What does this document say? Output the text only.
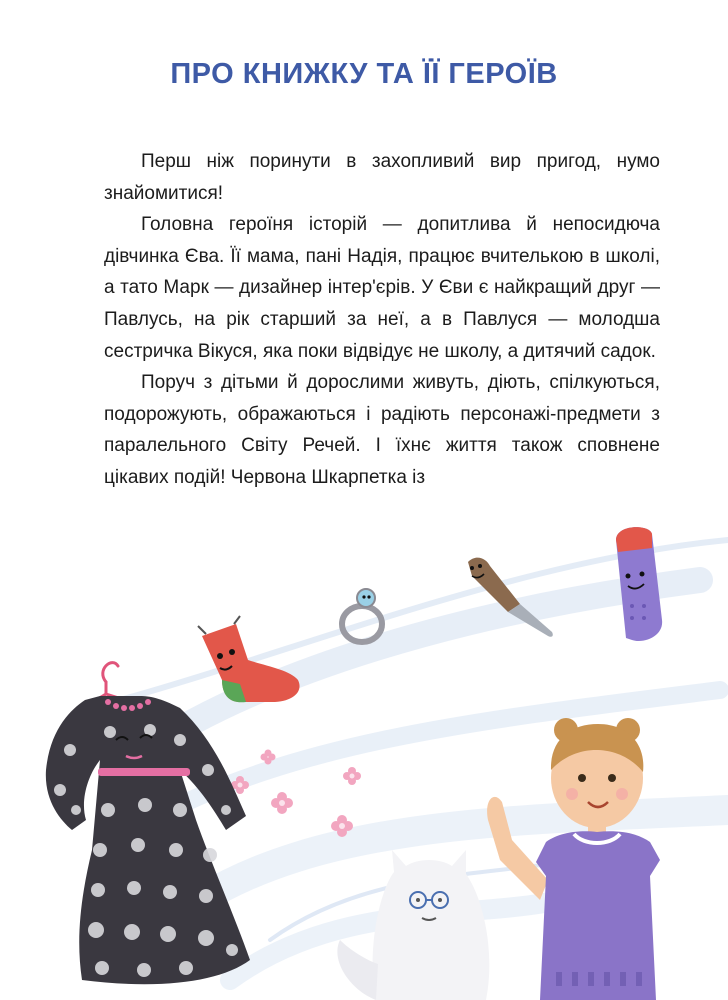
ПРО КНИЖКУ ТА ЇЇ ГЕРОЇВ

Перш ніж поринути в захопливий вир пригод, нумо знайомитися!

Головна героїня історій — допитлива й непосидюча дівчинка Єва. Її мама, пані Надія, працює вчителькою в школі, а тато Марк — дизайнер інтер'єрів. У Єви є найкращий друг — Павлусь, на рік старший за неї, а в Павлуся — молодша сестричка Вікуся, яка поки відвідує не школу, а дитячий садок.

Поруч з дітьми й дорослими живуть, діють, спілкуються, подорожують, ображаються і радіють персонажі-предмети з паралельного Світу Речей. І їхнє життя також сповнене цікавих подій! Червона Шкарпетка із
